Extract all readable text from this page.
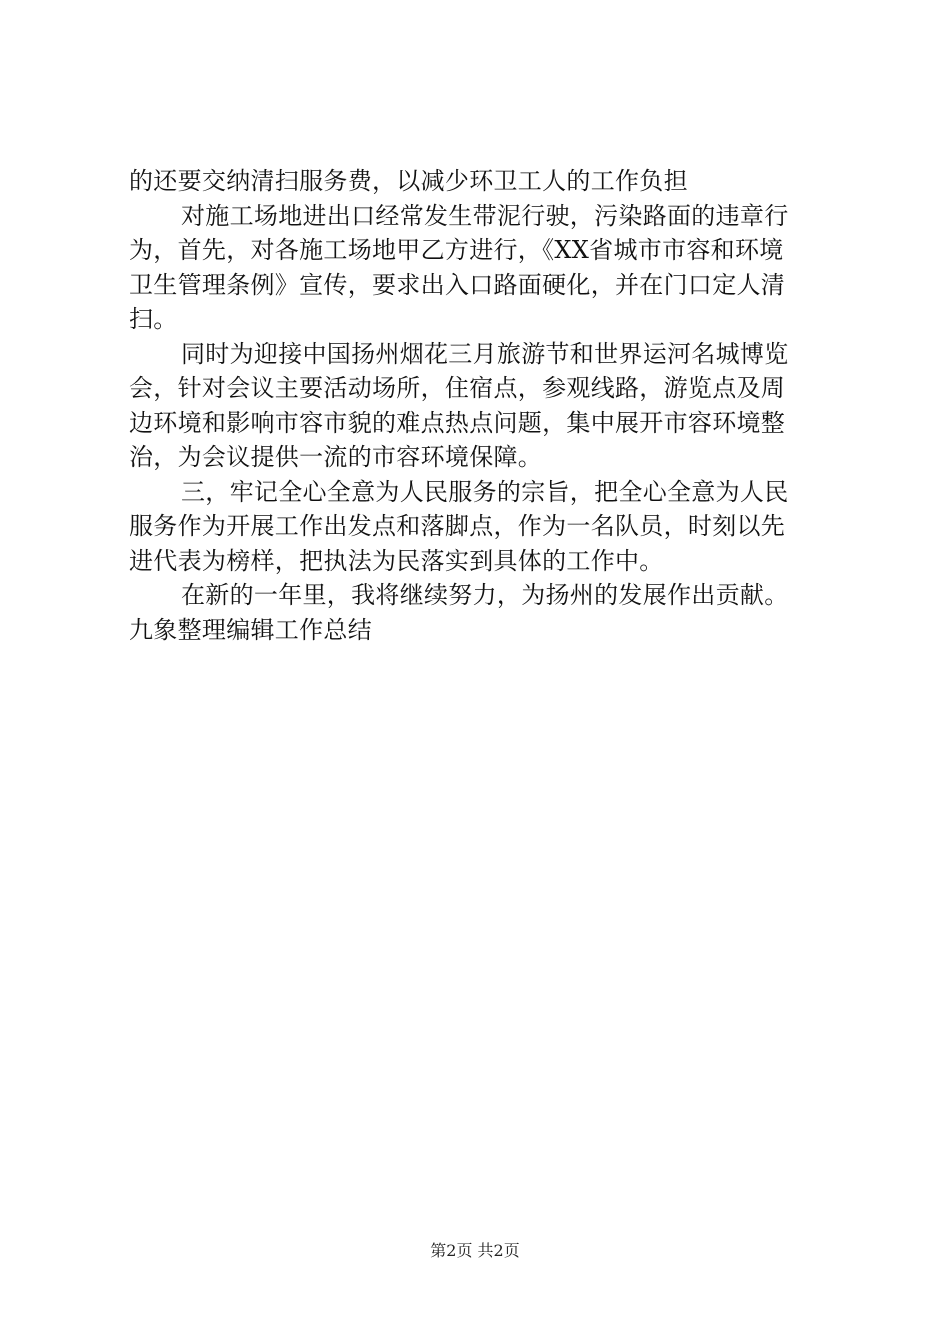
的还要交纳清扫服务费，以减少环卫工人的工作负担
对施工场地进出口经常发生带泥行驶，污染路面的违章行
为，首先，对各施工场地甲乙方进行，《XX省城市市容和环境
卫生管理条例》宣传，要求出入口路面硬化，并在门口定人清
扫。
同时为迎接中国扬州烟花三月旅游节和世界运河名城博览
会，针对会议主要活动场所，住宿点，参观线路，游览点及周
边环境和影响市容市貌的难点热点问题，集中展开市容环境整
治，为会议提供一流的市容环境保障。
三，牢记全心全意为人民服务的宗旨，把全心全意为人民
服务作为开展工作出发点和落脚点，作为一名队员，时刻以先
进代表为榜样，把执法为民落实到具体的工作中。
在新的一年里，我将继续努力，为扬州的发展作出贡献。
九象整理编辑工作总结
第2页 共2页
